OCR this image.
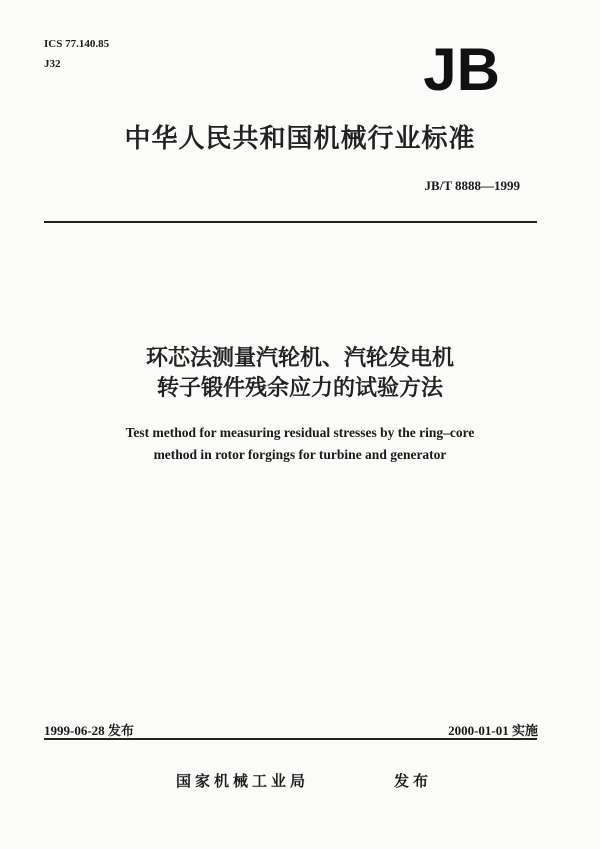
ICS 77.140.85
J32	JB
中华人民共和国机械行业标准
JB/T 8888—1999
环芯法测量汽轮机、汽轮发电机
转子锻件残余应力的试验方法
Test method for measuring residual stresses by the ring–core
method in rotor forgings for turbine and generator
1999-06-28 发布	2000-01-01 实施
国家机械工业局	发布
